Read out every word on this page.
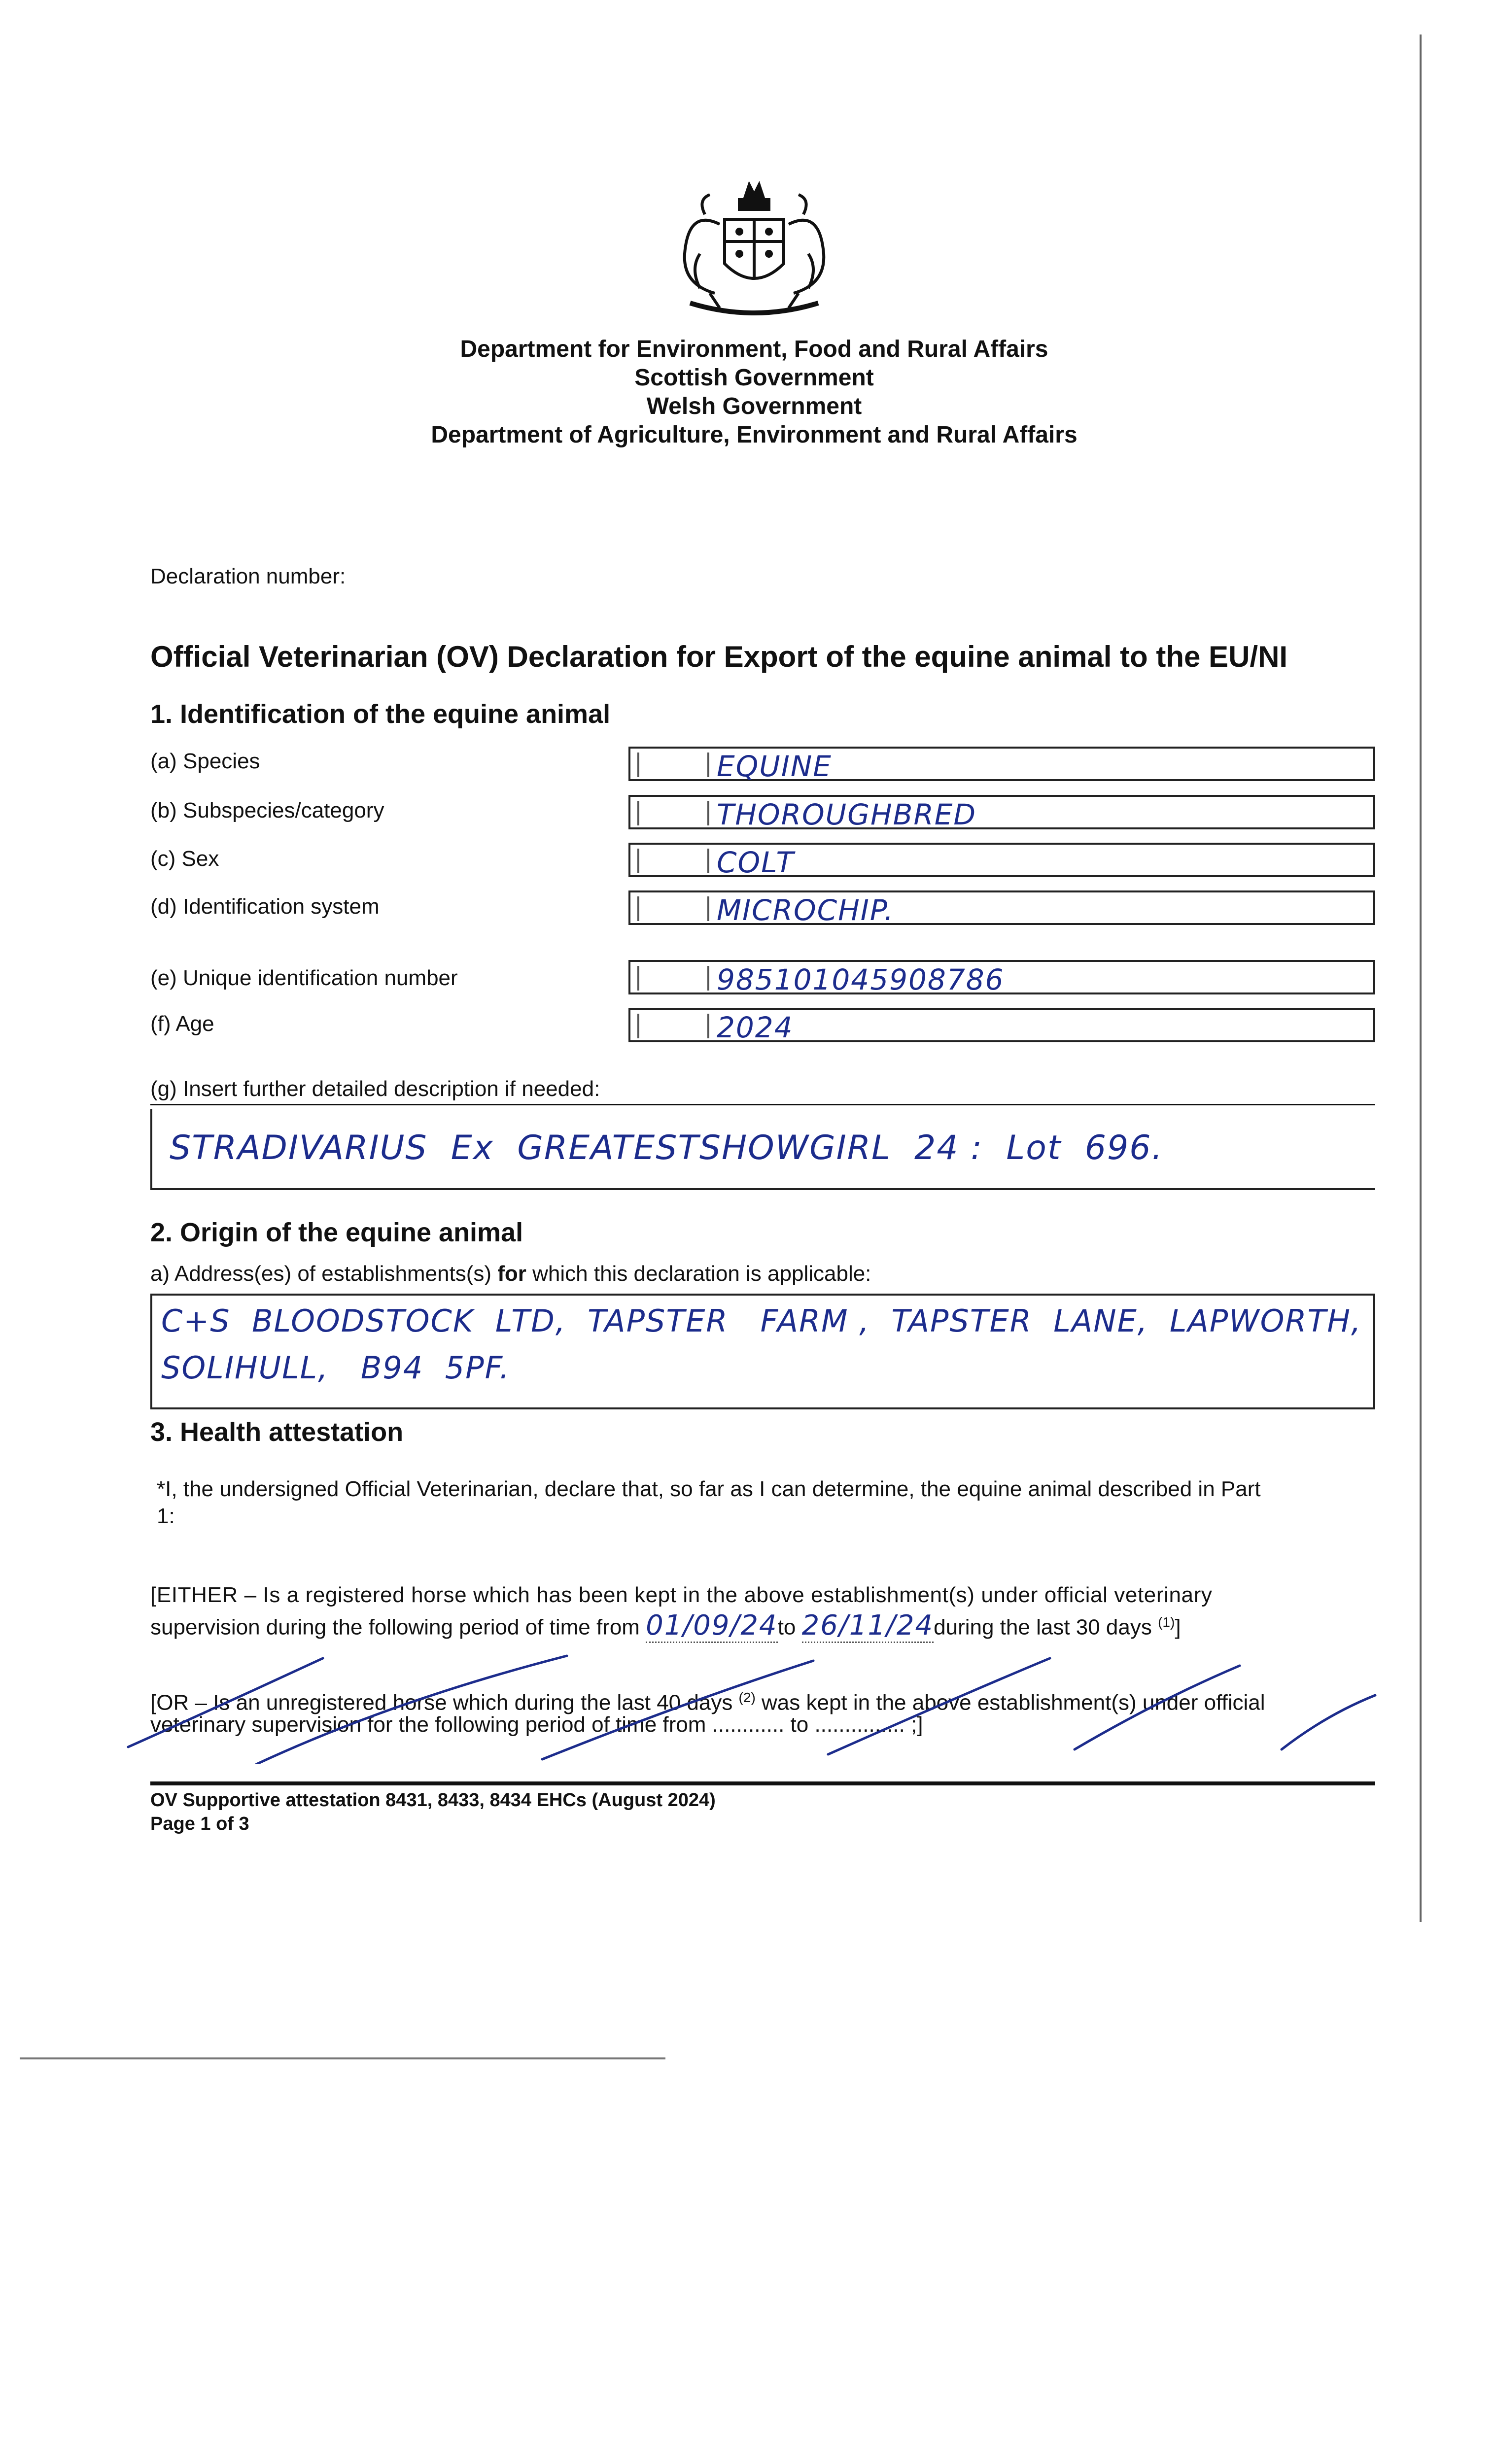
Department for Environment, Food and Rural Affairs
Scottish Government
Welsh Government
Department of Agriculture, Environment and Rural Affairs
Declaration number:
Official Veterinarian (OV) Declaration for Export of the equine animal to the EU/NI
1. Identification of the equine animal
(a) Species	EQUINE
(b) Subspecies/category	THOROUGHBRED
(c) Sex	COLT
(d) Identification system	MICROCHIP.
(e) Unique identification number	985101045908786
(f) Age	2024
(g) Insert further detailed description if needed:
STRADIVARIUS  Ex  GREATESTSHOWGIRL  24 :  Lot  696.
2. Origin of the equine animal
a) Address(es) of establishments(s) for which this declaration is applicable:
C+S  BLOODSTOCK  LTD,  TAPSTER   FARM ,  TAPSTER  LANE,  LAPWORTH,
SOLIHULL,   B94  5PF.
3. Health attestation
*I, the undersigned Official Veterinarian, declare that, so far as I can determine, the equine animal described in Part
1:
[EITHER – Is a registered horse which has been kept in the above establishment(s) under official veterinary
supervision during the following period of time from 01/09/24to 26/11/24during the last 30 days $^{(1)}$]
[OR – Is an unregistered horse which during the last 40 days $^{(2)}$ was kept in the above establishment(s) under official
veterinary supervision for the following period of time from ............ to ............... ;]
OV Supportive attestation 8431, 8433, 8434 EHCs (August 2024)
Page 1 of 3
